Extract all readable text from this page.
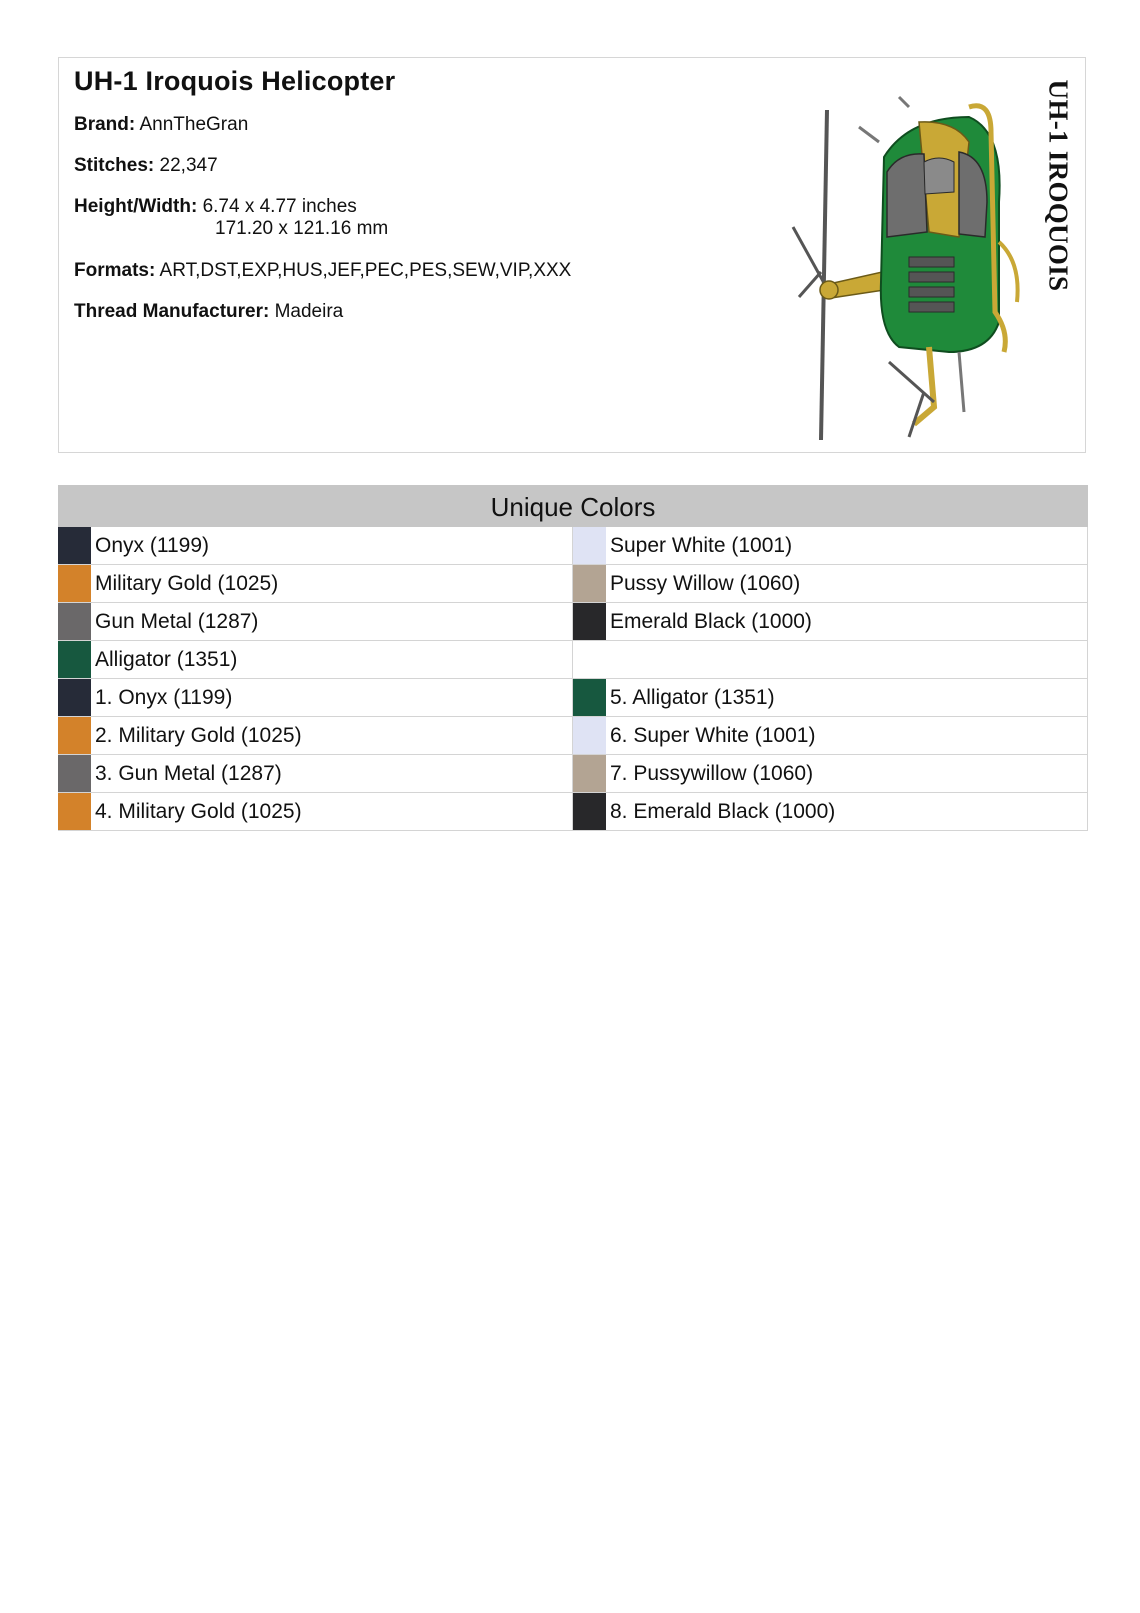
UH-1 Iroquois Helicopter
Brand: AnnTheGran
Stitches: 22,347
Height/Width: 6.74 x 4.77 inches
171.20 x 121.16 mm
Formats: ART,DST,EXP,HUS,JEF,PEC,PES,SEW,VIP,XXX
Thread Manufacturer: Madeira
UH-1 IROQUOIS
Unique Colors
Onyx (1199)	Super White (1001)
Military Gold (1025)	Pussy Willow (1060)
Gun Metal (1287)	Emerald Black (1000)
Alligator (1351)
1. Onyx (1199)	5. Alligator (1351)
2. Military Gold (1025)	6. Super White (1001)
3. Gun Metal (1287)	7. Pussywillow (1060)
4. Military Gold (1025)	8. Emerald Black (1000)
